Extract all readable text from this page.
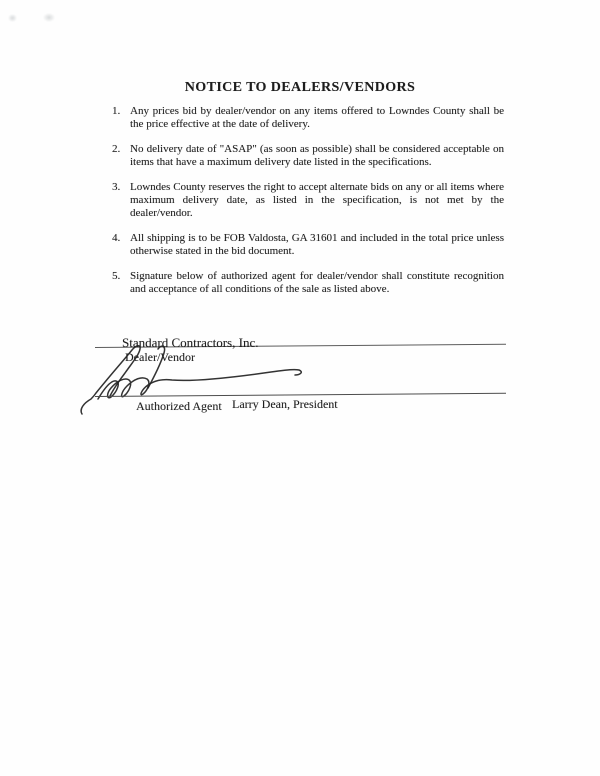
NOTICE TO DEALERS/VENDORS
1. Any prices bid by dealer/vendor on any items offered to Lowndes County shall be the price effective at the date of delivery.
2. No delivery date of "ASAP" (as soon as possible) shall be considered acceptable on items that have a maximum delivery date listed in the specifications.
3. Lowndes County reserves the right to accept alternate bids on any or all items where maximum delivery date, as listed in the specification, is not met by the dealer/vendor.
4. All shipping is to be FOB Valdosta, GA 31601 and included in the total price unless otherwise stated in the bid document.
5. Signature below of authorized agent for dealer/vendor shall constitute recognition and acceptance of all conditions of the sale as listed above.
Standard Contractors, Inc.
Dealer/Vendor
Authorized Agent Larry Dean, President
